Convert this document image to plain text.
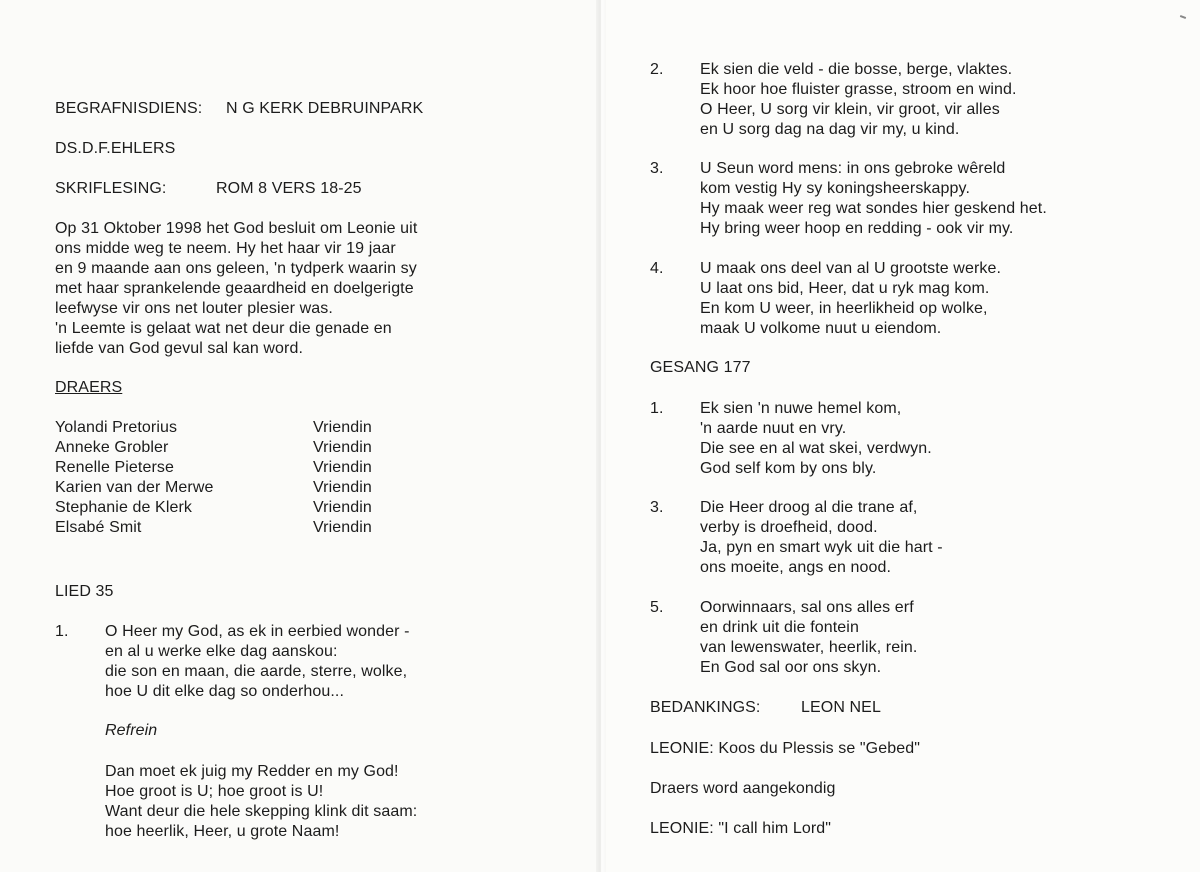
BEGRAFNISDIENS: N G KERK DEBRUINPARK
DS.D.F.EHLERS
SKRIFLESING:	ROM 8 VERS 18-25
Op 31 Oktober 1998 het God besluit om Leonie uit
ons midde weg te neem. Hy het haar vir 19 jaar
en 9 maande aan ons geleen, 'n tydperk waarin sy
met haar sprankelende geaardheid en doelgerigte
leefwyse vir ons net louter plesier was.
'n Leemte is gelaat wat net deur die genade en
liefde van God gevul sal kan word.
DRAERS
Yolandi Pretorius	Vriendin
Anneke Grobler	Vriendin
Renelle Pieterse	Vriendin
Karien van der Merwe	Vriendin
Stephanie de Klerk	Vriendin
Elsabé Smit	Vriendin
LIED 35
1. O Heer my God, as ek in eerbied wonder -
en al u werke elke dag aanskou:
die son en maan, die aarde, sterre, wolke,
hoe U dit elke dag so onderhou...
Refrein
Dan moet ek juig my Redder en my God!
Hoe groot is U; hoe groot is U!
Want deur die hele skepping klink dit saam:
hoe heerlik, Heer, u grote Naam!
2. Ek sien die veld - die bosse, berge, vlaktes.
Ek hoor hoe fluister grasse, stroom en wind.
O Heer, U sorg vir klein, vir groot, vir alles
en U sorg dag na dag vir my, u kind.
3. U Seun word mens: in ons gebroke wêreld
kom vestig Hy sy koningsheerskappy.
Hy maak weer reg wat sondes hier geskend het.
Hy bring weer hoop en redding - ook vir my.
4. U maak ons deel van al U grootste werke.
U laat ons bid, Heer, dat u ryk mag kom.
En kom U weer, in heerlikheid op wolke,
maak U volkome nuut u eiendom.
GESANG 177
1. Ek sien 'n nuwe hemel kom,
'n aarde nuut en vry.
Die see en al wat skei, verdwyn.
God self kom by ons bly.
3. Die Heer droog al die trane af,
verby is droefheid, dood.
Ja, pyn en smart wyk uit die hart -
ons moeite, angs en nood.
5. Oorwinnaars, sal ons alles erf
en drink uit die fontein
van lewenswater, heerlik, rein.
En God sal oor ons skyn.
BEDANKINGS:	LEON NEL
LEONIE: Koos du Plessis se "Gebed"
Draers word aangekondig
LEONIE: "I call him Lord"
